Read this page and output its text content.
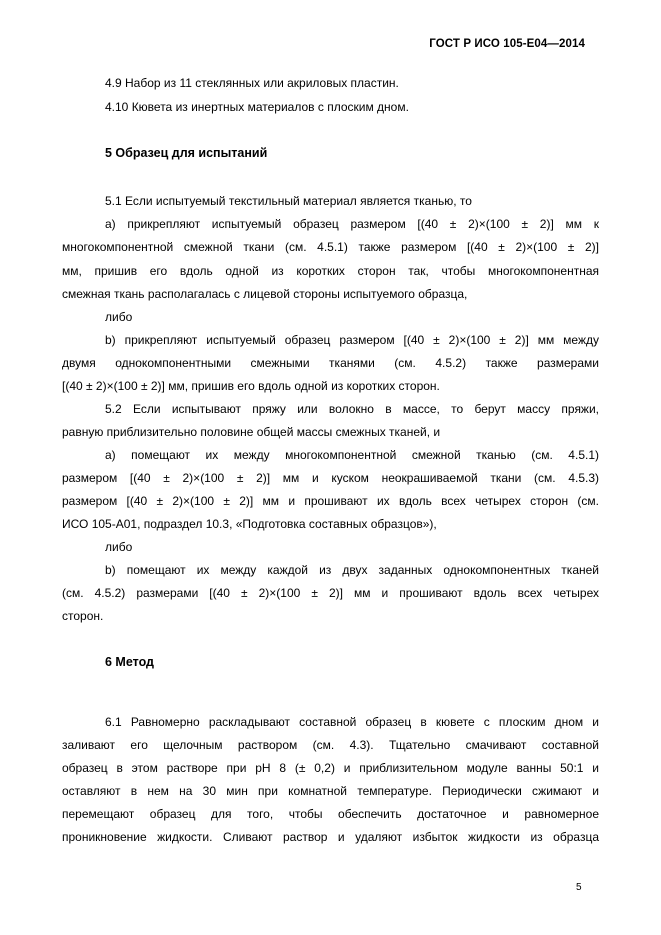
ГОСТ Р ИСО 105-Е04—2014
4.9 Набор из 11 стеклянных или акриловых пластин.
4.10 Кювета из инертных материалов с плоским дном.
5 Образец для испытаний
5.1 Если испытуемый текстильный материал является тканью, то
а) прикрепляют испытуемый образец размером [(40 ± 2)×(100 ± 2)] мм к
многокомпонентной смежной ткани (см. 4.5.1) также размером [(40 ± 2)×(100 ± 2)]
мм, пришив его вдоль одной из коротких сторон так, чтобы многокомпонентная
смежная ткань располагалась с лицевой стороны испытуемого образца,
либо
b) прикрепляют испытуемый образец размером [(40 ± 2)×(100 ± 2)] мм между
двумя однокомпонентными смежными тканями (см. 4.5.2) также размерами
[(40 ± 2)×(100 ± 2)] мм, пришив его вдоль одной из коротких сторон.
5.2 Если испытывают пряжу или волокно в массе, то берут массу пряжи,
равную приблизительно половине общей массы смежных тканей, и
а) помещают их между многокомпонентной смежной тканью (см. 4.5.1)
размером [(40 ± 2)×(100 ± 2)] мм и куском неокрашиваемой ткани (см. 4.5.3)
размером [(40 ± 2)×(100 ± 2)] мм и прошивают их вдоль всех четырех сторон (см.
ИСО 105-А01, подраздел 10.3, «Подготовка составных образцов»),
либо
b) помещают их между каждой из двух заданных однокомпонентных тканей
(см. 4.5.2) размерами [(40 ± 2)×(100 ± 2)] мм и прошивают вдоль всех четырех
сторон.
6 Метод
6.1 Равномерно раскладывают составной образец в кювете с плоским дном и
заливают его щелочным раствором (см. 4.3). Тщательно смачивают составной
образец в этом растворе при pH 8 (± 0,2) и приблизительном модуле ванны 50:1 и
оставляют в нем на 30 мин при комнатной температуре. Периодически сжимают и
перемещают образец для того, чтобы обеспечить достаточное и равномерное
проникновение жидкости. Сливают раствор и удаляют избыток жидкости из образца
5
